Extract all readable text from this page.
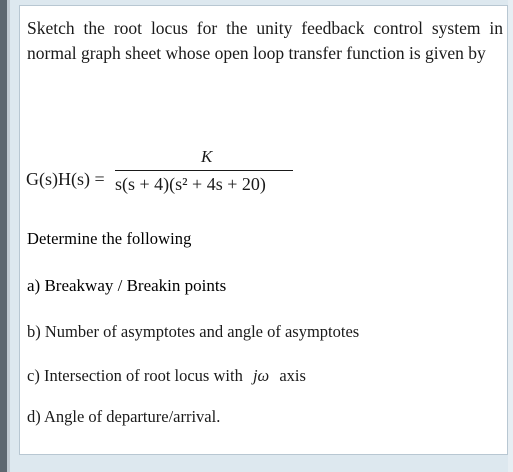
Sketch the root locus for the unity feedback control system in normal graph sheet whose open loop transfer function is given by
G(s)H(s) =
K
s(s + 4)(s² + 4s + 20)
Determine the following
a) Breakway / Breakin points
b) Number of asymptotes and angle of asymptotes
c) Intersection of root locus with jω axis
d) Angle of departure/arrival.
